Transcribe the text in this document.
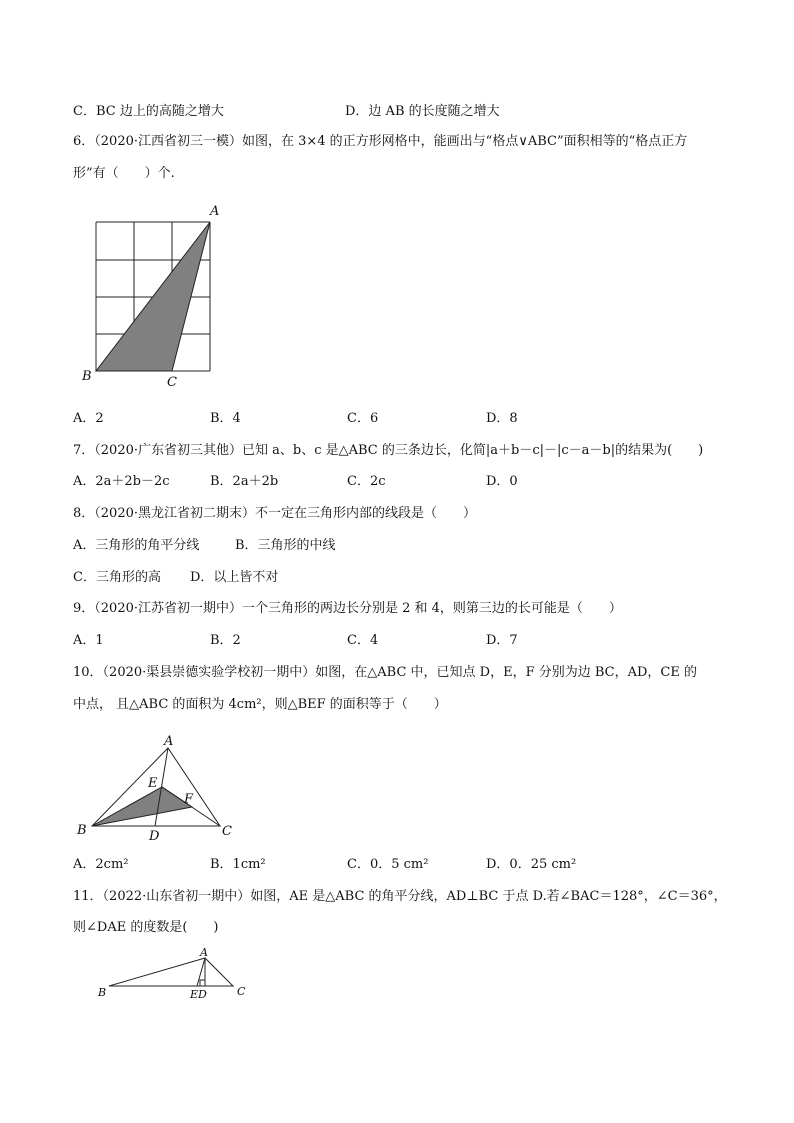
C．BC 边上的高随之增大	D．边 AB 的长度随之增大
6．（2020·江西省初三一模）如图，在 3×4 的正方形网格中，能画出与“格点∨ABC”面积相等的“格点正方
形”有（　　）个.
A
B	C
A．2	B．4	C．6	D．8
7．（2020·广东省初三其他）已知 a、b、c 是△ABC 的三条边长，化简|a＋b－c|－|c－a－b|的结果为(　　)
A．2a＋2b－2c	B．2a＋2b	C．2c	D．0
8．（2020·黑龙江省初二期末）不一定在三角形内部的线段是（　　）
A．三角形的角平分线	B．三角形的中线
C．三角形的高 D．以上皆不对
9．（2020·江苏省初一期中）一个三角形的两边长分别是 2 和 4，则第三边的长可能是（　　）
A．1	B．2	C．4	D．7
10．（2020·渠县崇德实验学校初一期中）如图，在△ABC 中，已知点 D，E，F 分别为边 BC，AD，CE 的
中点， 且△ABC 的面积为 4cm²，则△BEF 的面积等于（　　）
A
B	C
D
E
F
A．2cm²	B．1cm²	C．0．5 cm²	D．0．25 cm²
11．（2022·山东省初一期中）如图，AE 是△ABC 的角平分线，AD⊥BC 于点 D.若∠BAC＝128°，∠C＝36°，
则∠DAE 的度数是(　　)
A
B	C
ED
